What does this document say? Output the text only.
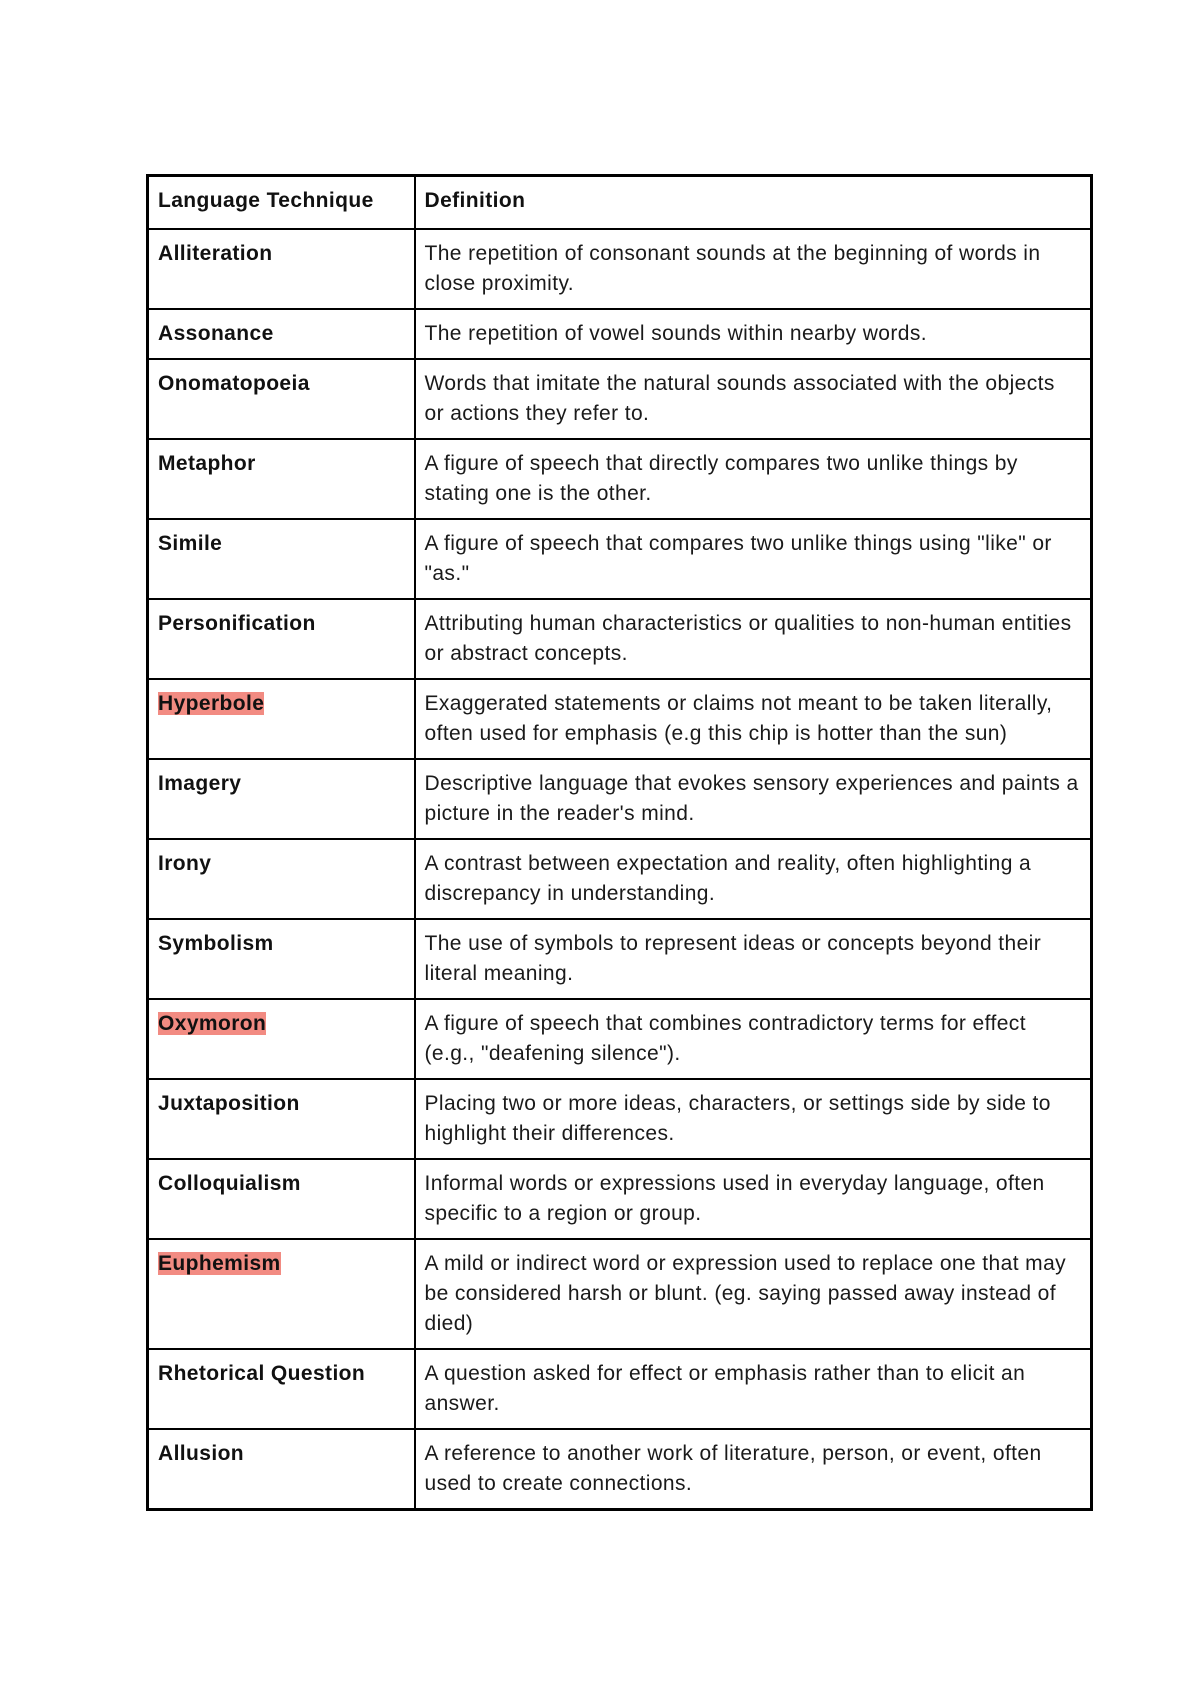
Language Technique	Definition
Alliteration	The repetition of consonant sounds at the beginning of words in close proximity.
Assonance	The repetition of vowel sounds within nearby words.
Onomatopoeia	Words that imitate the natural sounds associated with the objects or actions they refer to.
Metaphor	A figure of speech that directly compares two unlike things by stating one is the other.
Simile	A figure of speech that compares two unlike things using "like" or "as."
Personification	Attributing human characteristics or qualities to non-human entities or abstract concepts.
Hyperbole	Exaggerated statements or claims not meant to be taken literally, often used for emphasis (e.g this chip is hotter than the sun)
Imagery	Descriptive language that evokes sensory experiences and paints a picture in the reader's mind.
Irony	A contrast between expectation and reality, often highlighting a discrepancy in understanding.
Symbolism	The use of symbols to represent ideas or concepts beyond their literal meaning.
Oxymoron	A figure of speech that combines contradictory terms for effect (e.g., "deafening silence").
Juxtaposition	Placing two or more ideas, characters, or settings side by side to highlight their differences.
Colloquialism	Informal words or expressions used in everyday language, often specific to a region or group.
Euphemism	A mild or indirect word or expression used to replace one that may be considered harsh or blunt. (eg. saying passed away instead of died)
Rhetorical Question	A question asked for effect or emphasis rather than to elicit an answer.
Allusion	A reference to another work of literature, person, or event, often used to create connections.
